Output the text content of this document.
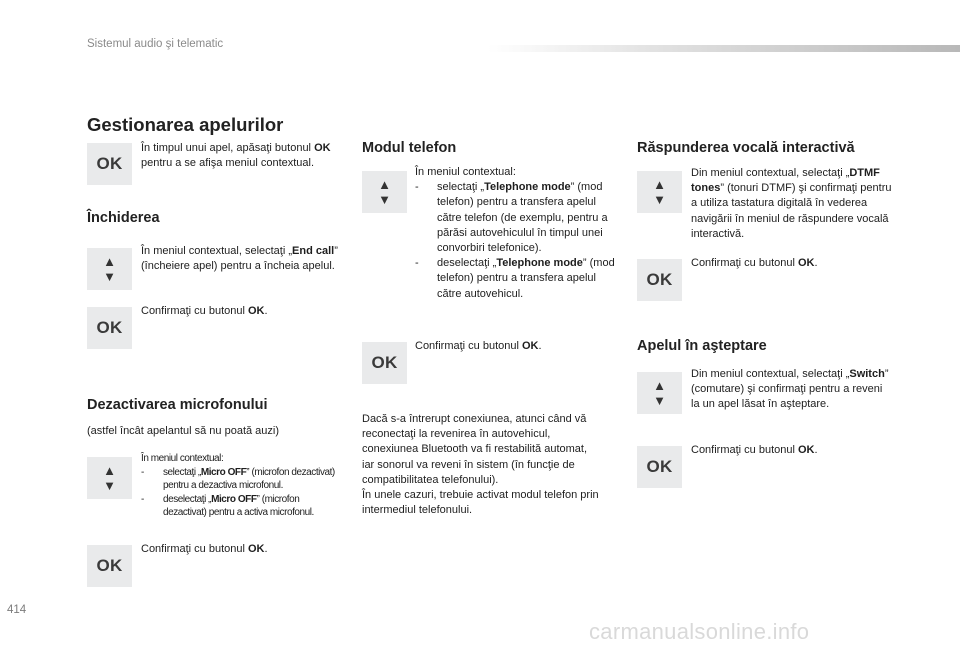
Sistemul audio şi telematic
414
carmanualsonline.info
Gestionarea apelurilor
OK
În timpul unui apel, apăsaţi butonul OK pentru a se afişa meniul contextual.
Închiderea
▲
▼
În meniul contextual, selectaţi „End call” (încheiere apel) pentru a încheia apelul.
OK
Confirmaţi cu butonul OK.
Dezactivarea microfonului
(astfel încât apelantul să nu poată auzi)
▲
▼
În meniul contextual:
- selectaţi „Micro OFF” (microfon dezactivat) pentru a dezactiva microfonul.
- deselectaţi „Micro OFF” (microfon dezactivat) pentru a activa microfonul.
OK
Confirmaţi cu butonul OK.
Modul telefon
▲
▼
În meniul contextual:
- selectaţi „Telephone mode” (mod telefon) pentru a transfera apelul către telefon (de exemplu, pentru a părăsi autovehiculul în timpul unei convorbiri telefonice).
- deselectaţi „Telephone mode” (mod telefon) pentru a transfera apelul către autovehicul.
OK
Confirmaţi cu butonul OK.
Dacă s-a întrerupt conexiunea, atunci când vă reconectaţi la revenirea în autovehicul, conexiunea Bluetooth va fi restabilită automat, iar sonorul va reveni în sistem (în funcţie de compatibilitatea telefonului).
În unele cazuri, trebuie activat modul telefon prin intermediul telefonului.
Răspunderea vocală interactivă
▲
▼
Din meniul contextual, selectaţi „DTMF tones” (tonuri DTMF) şi confirmaţi pentru a utiliza tastatura digitală în vederea navigării în meniul de răspundere vocală interactivă.
OK
Confirmaţi cu butonul OK.
Apelul în aşteptare
▲
▼
Din meniul contextual, selectaţi „Switch” (comutare) şi confirmaţi pentru a reveni la un apel lăsat în aşteptare.
OK
Confirmaţi cu butonul OK.
